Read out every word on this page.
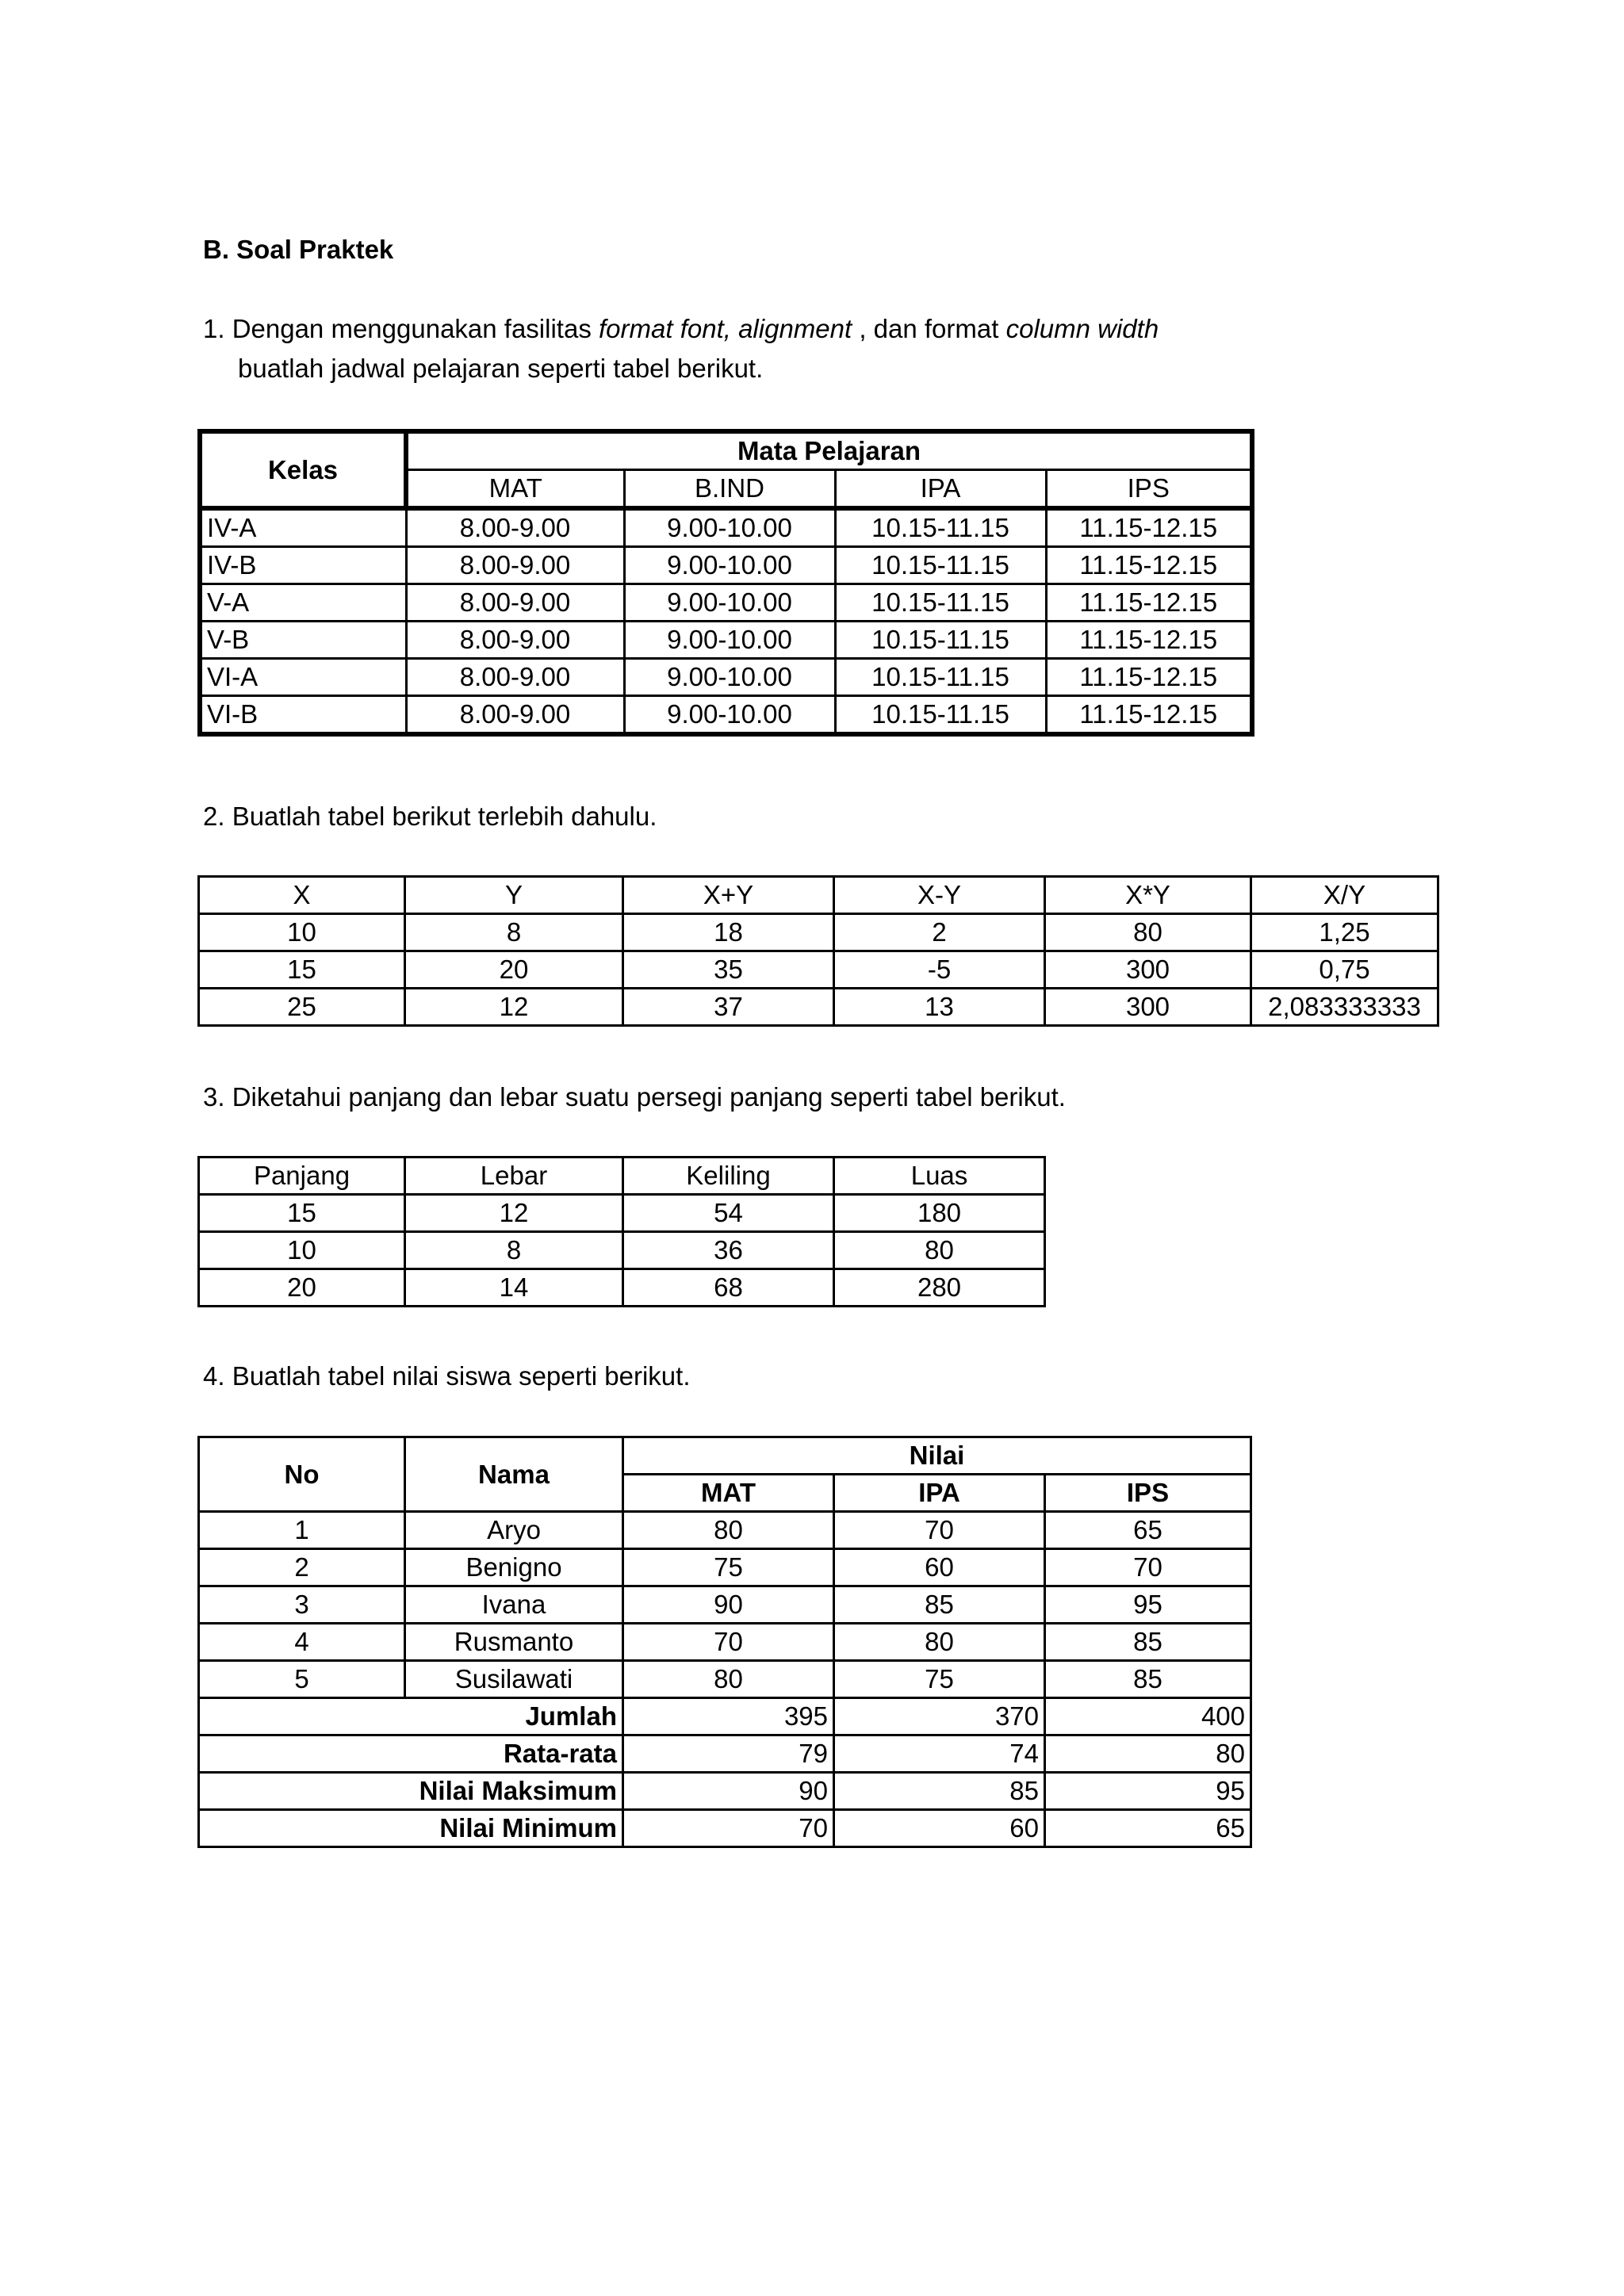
B. Soal Praktek
1. Dengan menggunakan fasilitas format font, alignment , dan format column width
buatlah jadwal pelajaran seperti tabel berikut.
Kelas	Mata Pelajaran			
	MAT	B.IND	IPA	IPS
IV-A	8.00-9.00	9.00-10.00	10.15-11.15	11.15-12.15
IV-B	8.00-9.00	9.00-10.00	10.15-11.15	11.15-12.15
V-A	8.00-9.00	9.00-10.00	10.15-11.15	11.15-12.15
V-B	8.00-9.00	9.00-10.00	10.15-11.15	11.15-12.15
VI-A	8.00-9.00	9.00-10.00	10.15-11.15	11.15-12.15
VI-B	8.00-9.00	9.00-10.00	10.15-11.15	11.15-12.15
2. Buatlah tabel berikut terlebih dahulu.
X	Y	X+Y	X-Y	X*Y	X/Y
10	8	18	2	80	1,25
15	20	35	-5	300	0,75
25	12	37	13	300	2,083333333
3. Diketahui panjang dan lebar suatu persegi panjang seperti tabel berikut.
Panjang	Lebar	Keliling	Luas
15	12	54	180
10	8	36	80
20	14	68	280
4. Buatlah tabel nilai siswa seperti berikut.
No	Nama	Nilai		
		MAT	IPA	IPS
1	Aryo	80	70	65
2	Benigno	75	60	70
3	Ivana	90	85	95
4	Rusmanto	70	80	85
5	Susilawati	80	75	85
Jumlah		395	370	400
Rata-rata		79	74	80
Nilai Maksimum		90	85	95
Nilai Minimum		70	60	65
